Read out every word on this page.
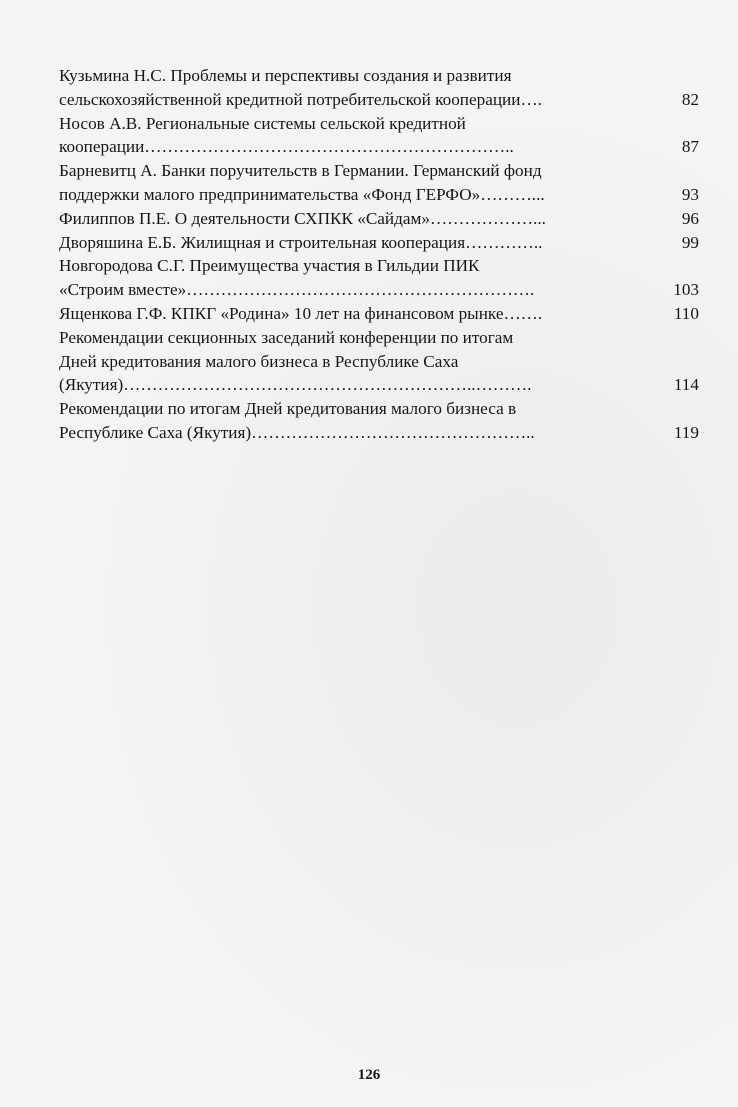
Кузьмина Н.С. Проблемы и перспективы создания и развития
сельскохозяйственной кредитной потребительской кооперации….	82
Носов А.В. Региональные системы сельской кредитной
кооперации………………………………………………………..	87
Барневитц А. Банки поручительств в Германии. Германский фонд
поддержки малого предпринимательства «Фонд ГЕРФО»………...	93
Филиппов П.Е. О деятельности СХПКК «Сайдам»………………...	96
Дворяшина Е.Б. Жилищная и строительная кооперация…………..	99
Новгородова С.Г. Преимущества участия в Гильдии ПИК
«Строим вместе»…………………………………………………….	103
Ященкова Г.Ф. КПКГ «Родина» 10 лет на финансовом рынке…….	110
Рекомендации секционных заседаний конференции по итогам
Дней кредитования малого бизнеса в Республике Саха
(Якутия)……………………………………………………..……….	114
Рекомендации по итогам Дней кредитования малого бизнеса в
Республике Саха (Якутия)…………………………………………..	119
126
